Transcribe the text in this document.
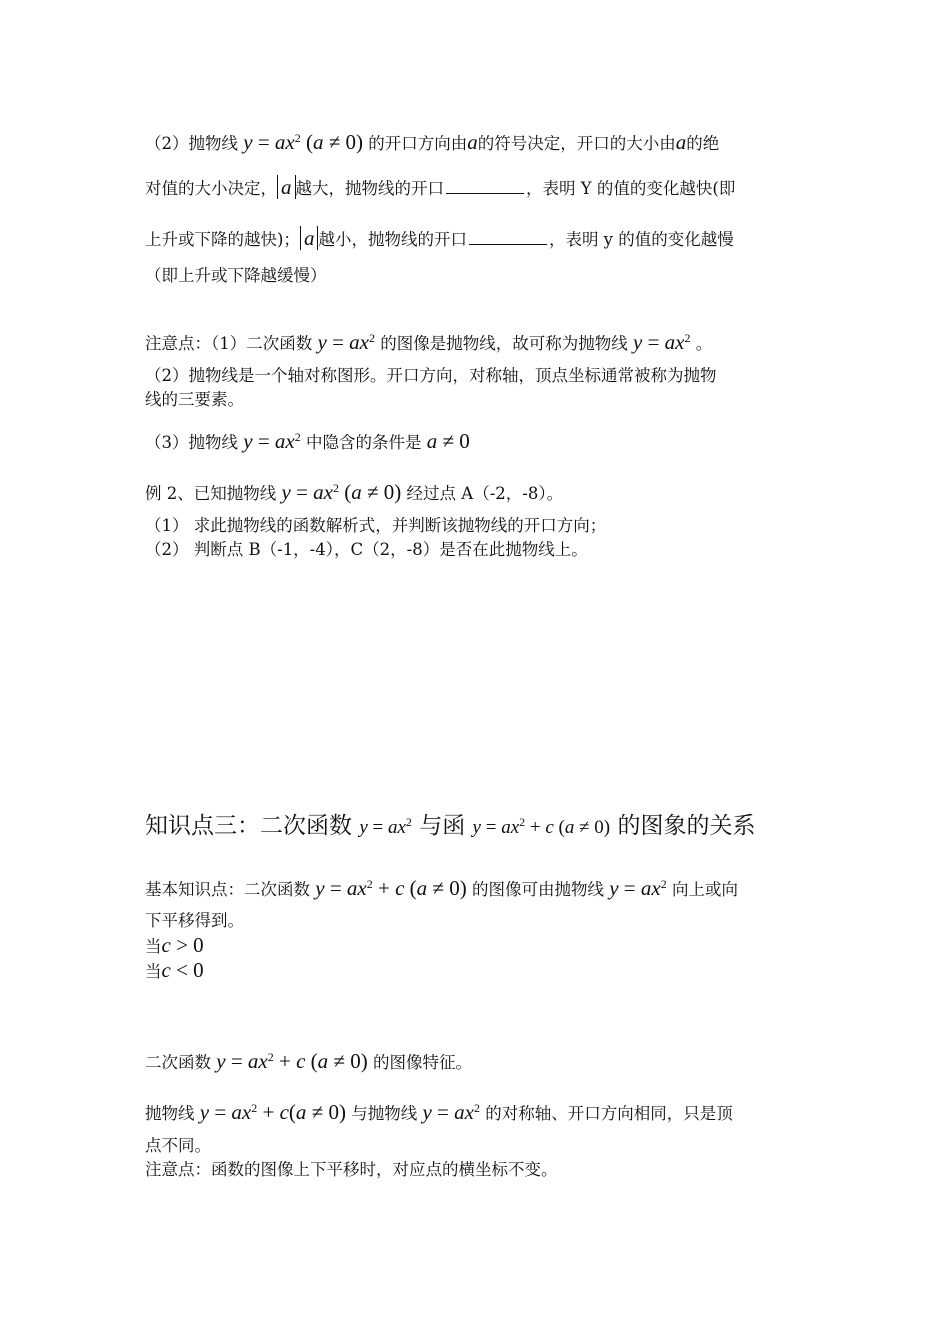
（2）抛物线 $y = ax^2$ (a ≠ 0) 的开口方向由a的符号决定，开口的大小由a的绝
对值的大小决定， a 越大，抛物线的开口	，表明 Y 的值的变化越快(即
上升或下降的越快)； a 越小，抛物线的开口	，表明 y 的值的变化越慢
（即上升或下降越缓慢）
注意点：（1）二次函数 $y = ax^2$ 的图像是抛物线，故可称为抛物线 $y = ax^2$ 。
（2）抛物线是一个轴对称图形。开口方向，对称轴，顶点坐标通常被称为抛物
线的三要素。
（3）抛物线 $y = ax^2$ 中隐含的条件是 a ≠ 0
例 2、已知抛物线 $y = ax^2$ (a ≠ 0) 经过点 A（-2，-8）。
（1） 求此抛物线的函数解析式，并判断该抛物线的开口方向；
（2） 判断点 B（-1，-4），C（2，-8）是否在此抛物线上。
知识点三：二次函数 $y = ax^2$ 与函 $y = ax^2 + c$ (a ≠ 0) 的图象的关系
基本知识点：二次函数 $y = ax^2 + c$ (a ≠ 0) 的图像可由抛物线 $y = ax^2$ 向上或向
下平移得到。
当c > 0
当c < 0
二次函数 $y = ax^2 + c$ (a ≠ 0) 的图像特征。
抛物线 $y = ax^2 + c(a \ne 0)$ 与抛物线 $y = ax^2$ 的对称轴、开口方向相同，只是顶
点不同。
注意点：函数的图像上下平移时，对应点的横坐标不变。
